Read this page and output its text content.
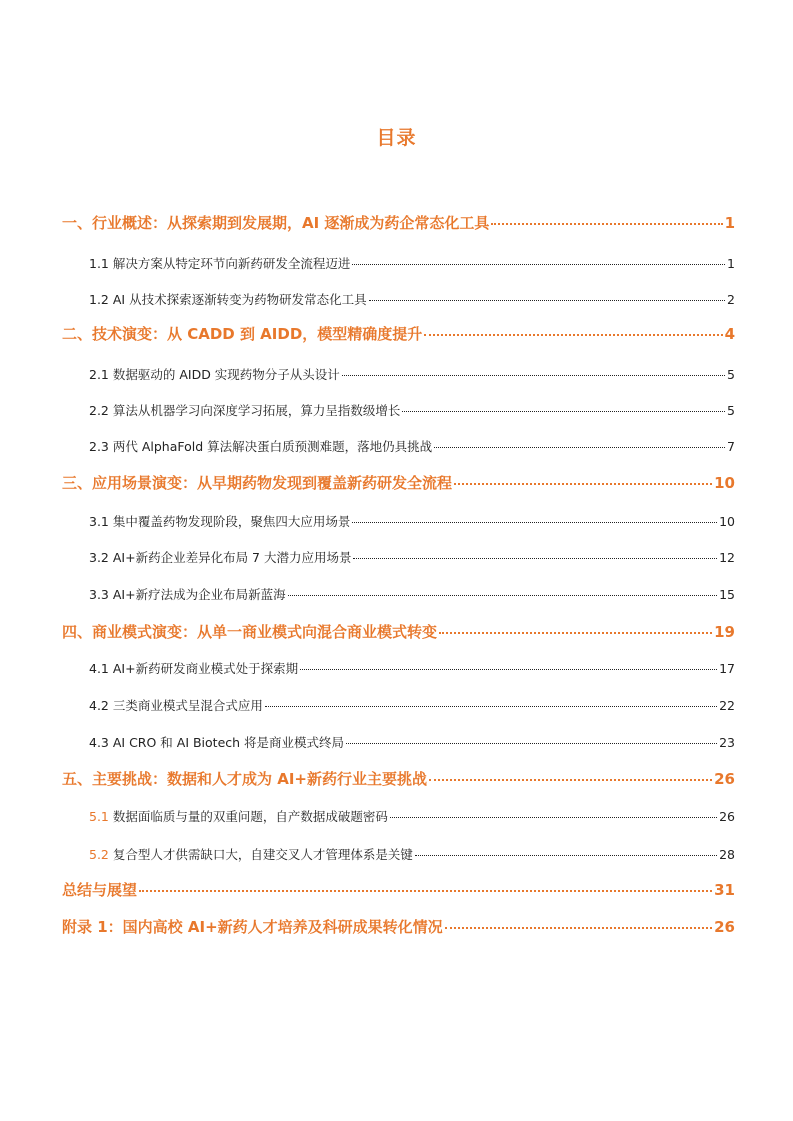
目录
一、行业概述：从探索期到发展期，AI 逐渐成为药企常态化工具	1
1.1 解决方案从特定环节向新药研发全流程迈进	1
1.2 AI 从技术探索逐渐转变为药物研发常态化工具	2
二、技术演变：从 CADD 到 AIDD，模型精确度提升	4
2.1 数据驱动的 AIDD 实现药物分子从头设计	5
2.2 算法从机器学习向深度学习拓展，算力呈指数级增长	5
2.3 两代 AlphaFold 算法解决蛋白质预测难题，落地仍具挑战	7
三、应用场景演变：从早期药物发现到覆盖新药研发全流程	10
3.1 集中覆盖药物发现阶段，聚焦四大应用场景	10
3.2 AI+新药企业差异化布局 7 大潜力应用场景	12
3.3 AI+新疗法成为企业布局新蓝海	15
四、商业模式演变：从单一商业模式向混合商业模式转变	19
4.1 AI+新药研发商业模式处于探索期	17
4.2 三类商业模式呈混合式应用	22
4.3 AI CRO 和 AI Biotech 将是商业模式终局	23
五、主要挑战：数据和人才成为 AI+新药行业主要挑战	26
5.1 数据面临质与量的双重问题，自产数据成破题密码	26
5.2 复合型人才供需缺口大，自建交叉人才管理体系是关键	28
总结与展望	31
附录 1：国内高校 AI+新药人才培养及科研成果转化情况	26
